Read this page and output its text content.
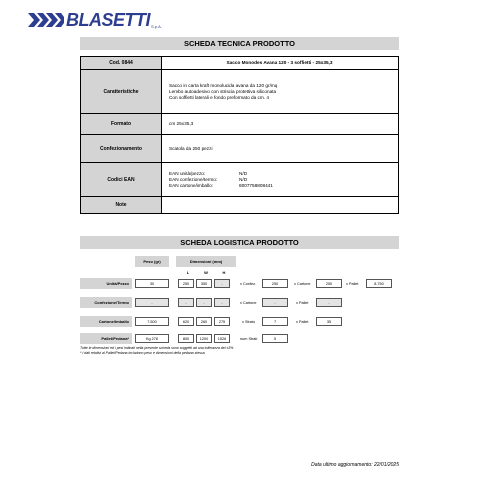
BLASETTI S.p.A.
SCHEDA TECNICA PRODOTTO
Cod. 0844	Sacco Monodes Avana 120 - 3 soffietti - 25x35,3
Caratteristiche
Sacco in carta kraft monolucida avana da 120 gr/mq
Lembo autoadesivo con striscia protettiva siliconata
Con soffietti laterali e fondo preformato da cm. 4
Formato	cm 25x35,3
Confezionamento	Scatola da 250 pezzi
Codici EAN
EAN unità/pezzo:	N/D
EAN confezione/termo:	N/D
EAN cartone/imballo:	8007758808441
Note
SCHEDA LOGISTICA PRODOTTO
Peso (gr)	Dimensioni (mm)
L	W	H
Unità/Pezzo	30	250	350	-	x Confez.	250	x Cartone	250	x Pallet	8.750
Confezione/Termo	-	-	-	-	x Cartone	-	x Pallet	-
Cartone/Imballo	7.500	620	260	275	x Strato	7	x Pallet	35
Pallet/Pedana*	Kg 276	800	1200	1526	num Strati	5
Tutte le dimensioni ed i pesi indicati nella presente scheda sono soggetti ad una tolleranza del ±3%
* I dati relativi al Pallet/Pedana includono peso e dimensioni della pedana stessa
Data ultimo aggiornamento: 22/01/2025
